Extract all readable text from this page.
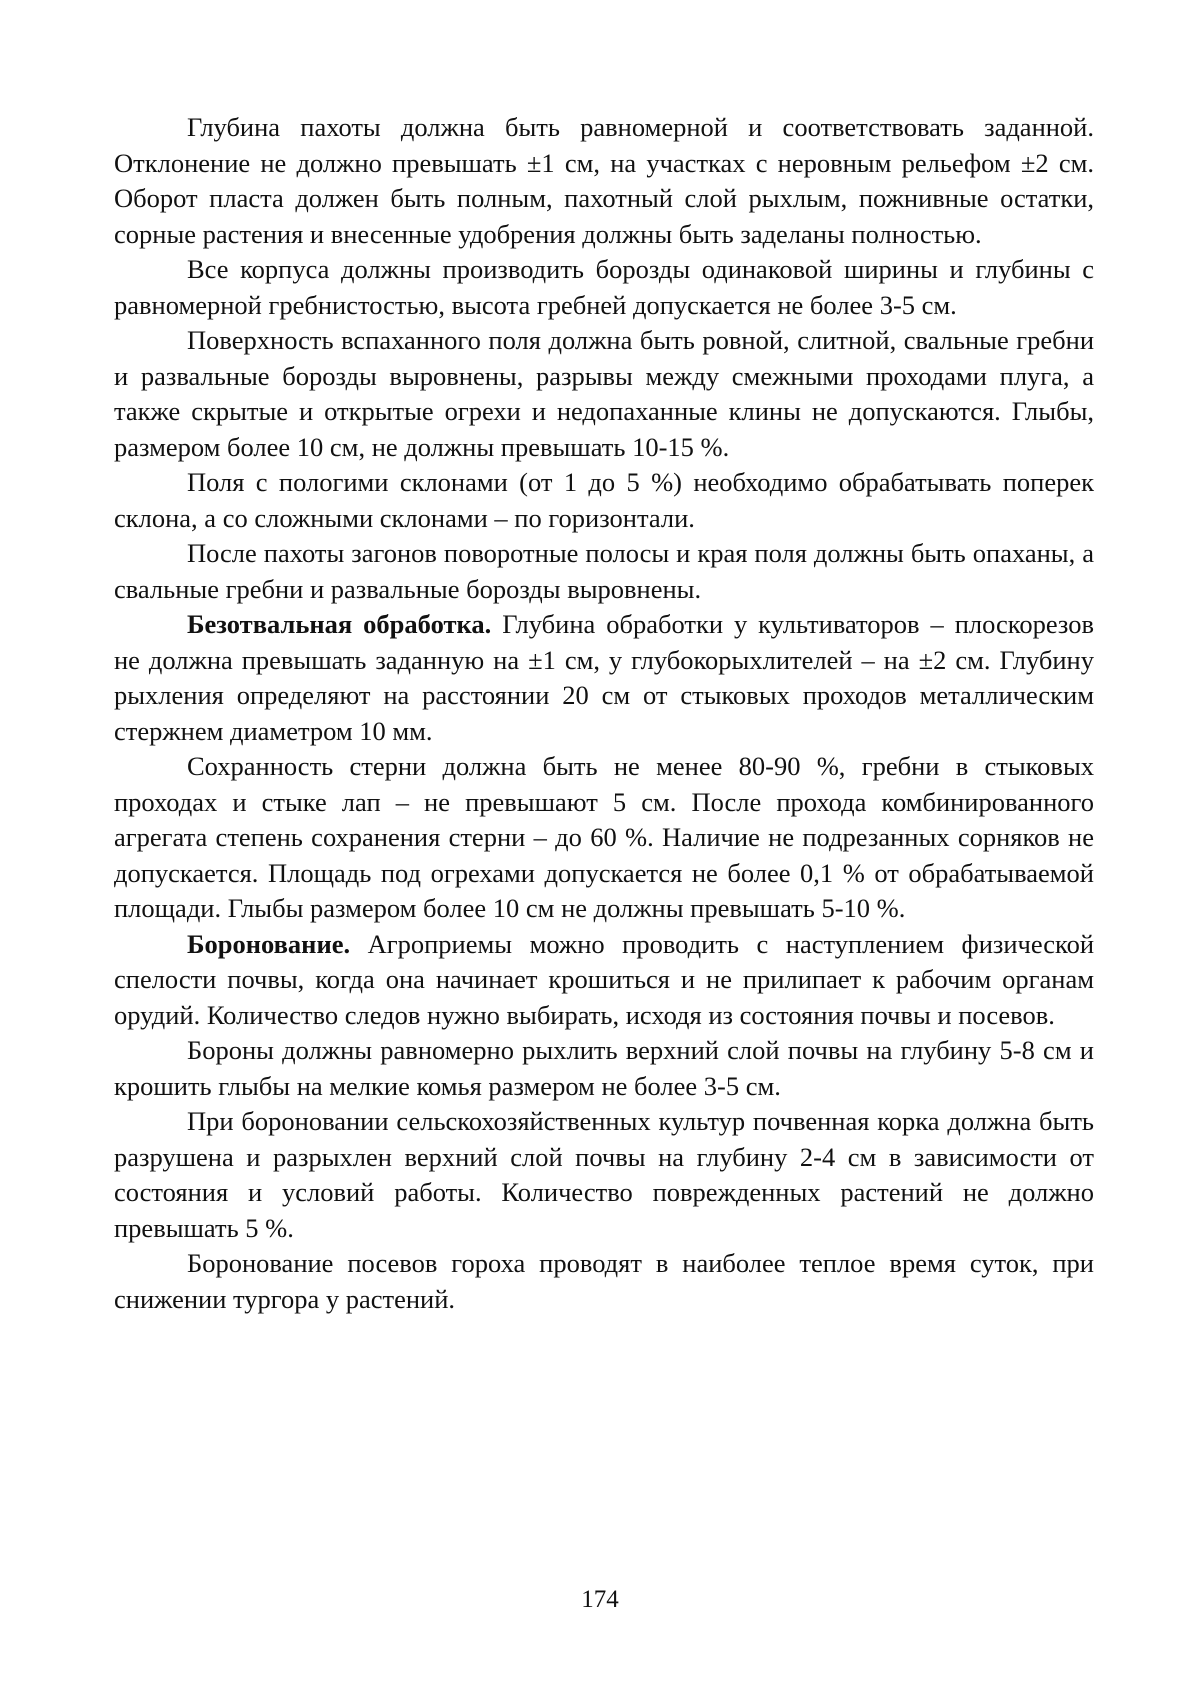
Глубина пахоты должна быть равномерной и соответствовать заданной. Отклонение не должно превышать ±1 см, на участках с неровным рельефом ±2 см. Оборот пласта должен быть полным, пахотный слой рыхлым, пожнивные остатки, сорные растения и внесенные удобрения должны быть заделаны полностью.

Все корпуса должны производить борозды одинаковой ширины и глубины с равномерной гребнистостью, высота гребней допускается не более 3-5 см.

Поверхность вспаханного поля должна быть ровной, слитной, свальные гребни и развальные борозды выровнены, разрывы между смежными проходами плуга, а также скрытые и открытые огрехи и недопаханные клины не допускаются. Глыбы, размером более 10 см, не должны превышать 10-15 %.

Поля с пологими склонами (от 1 до 5 %) необходимо обрабатывать поперек склона, а со сложными склонами – по горизонтали.

После пахоты загонов поворотные полосы и края поля должны быть опаханы, а свальные гребни и развальные борозды выровнены.

Безотвальная обработка. Глубина обработки у культиваторов – плоскорезов не должна превышать заданную на ±1 см, у глубокорыхлителей – на ±2 см. Глубину рыхления определяют на расстоянии 20 см от стыковых проходов металлическим стержнем диаметром 10 мм.

Сохранность стерни должна быть не менее 80-90 %, гребни в стыковых проходах и стыке лап – не превышают 5 см. После прохода комбинированного агрегата степень сохранения стерни – до 60 %. Наличие не подрезанных сорняков не допускается. Площадь под огрехами допускается не более 0,1 % от обрабатываемой площади. Глыбы размером более 10 см не должны превышать 5-10 %.

Боронование. Агроприемы можно проводить с наступлением физической спелости почвы, когда она начинает крошиться и не прилипает к рабочим органам орудий. Количество следов нужно выбирать, исходя из состояния почвы и посевов.

Бороны должны равномерно рыхлить верхний слой почвы на глубину 5-8 см и крошить глыбы на мелкие комья размером не более 3-5 см.

При бороновании сельскохозяйственных культур почвенная корка должна быть разрушена и разрыхлен верхний слой почвы на глубину 2-4 см в зависимости от состояния и условий работы. Количество поврежденных растений не должно превышать 5 %.

Боронование посевов гороха проводят в наиболее теплое время суток, при снижении тургора у растений.

174
